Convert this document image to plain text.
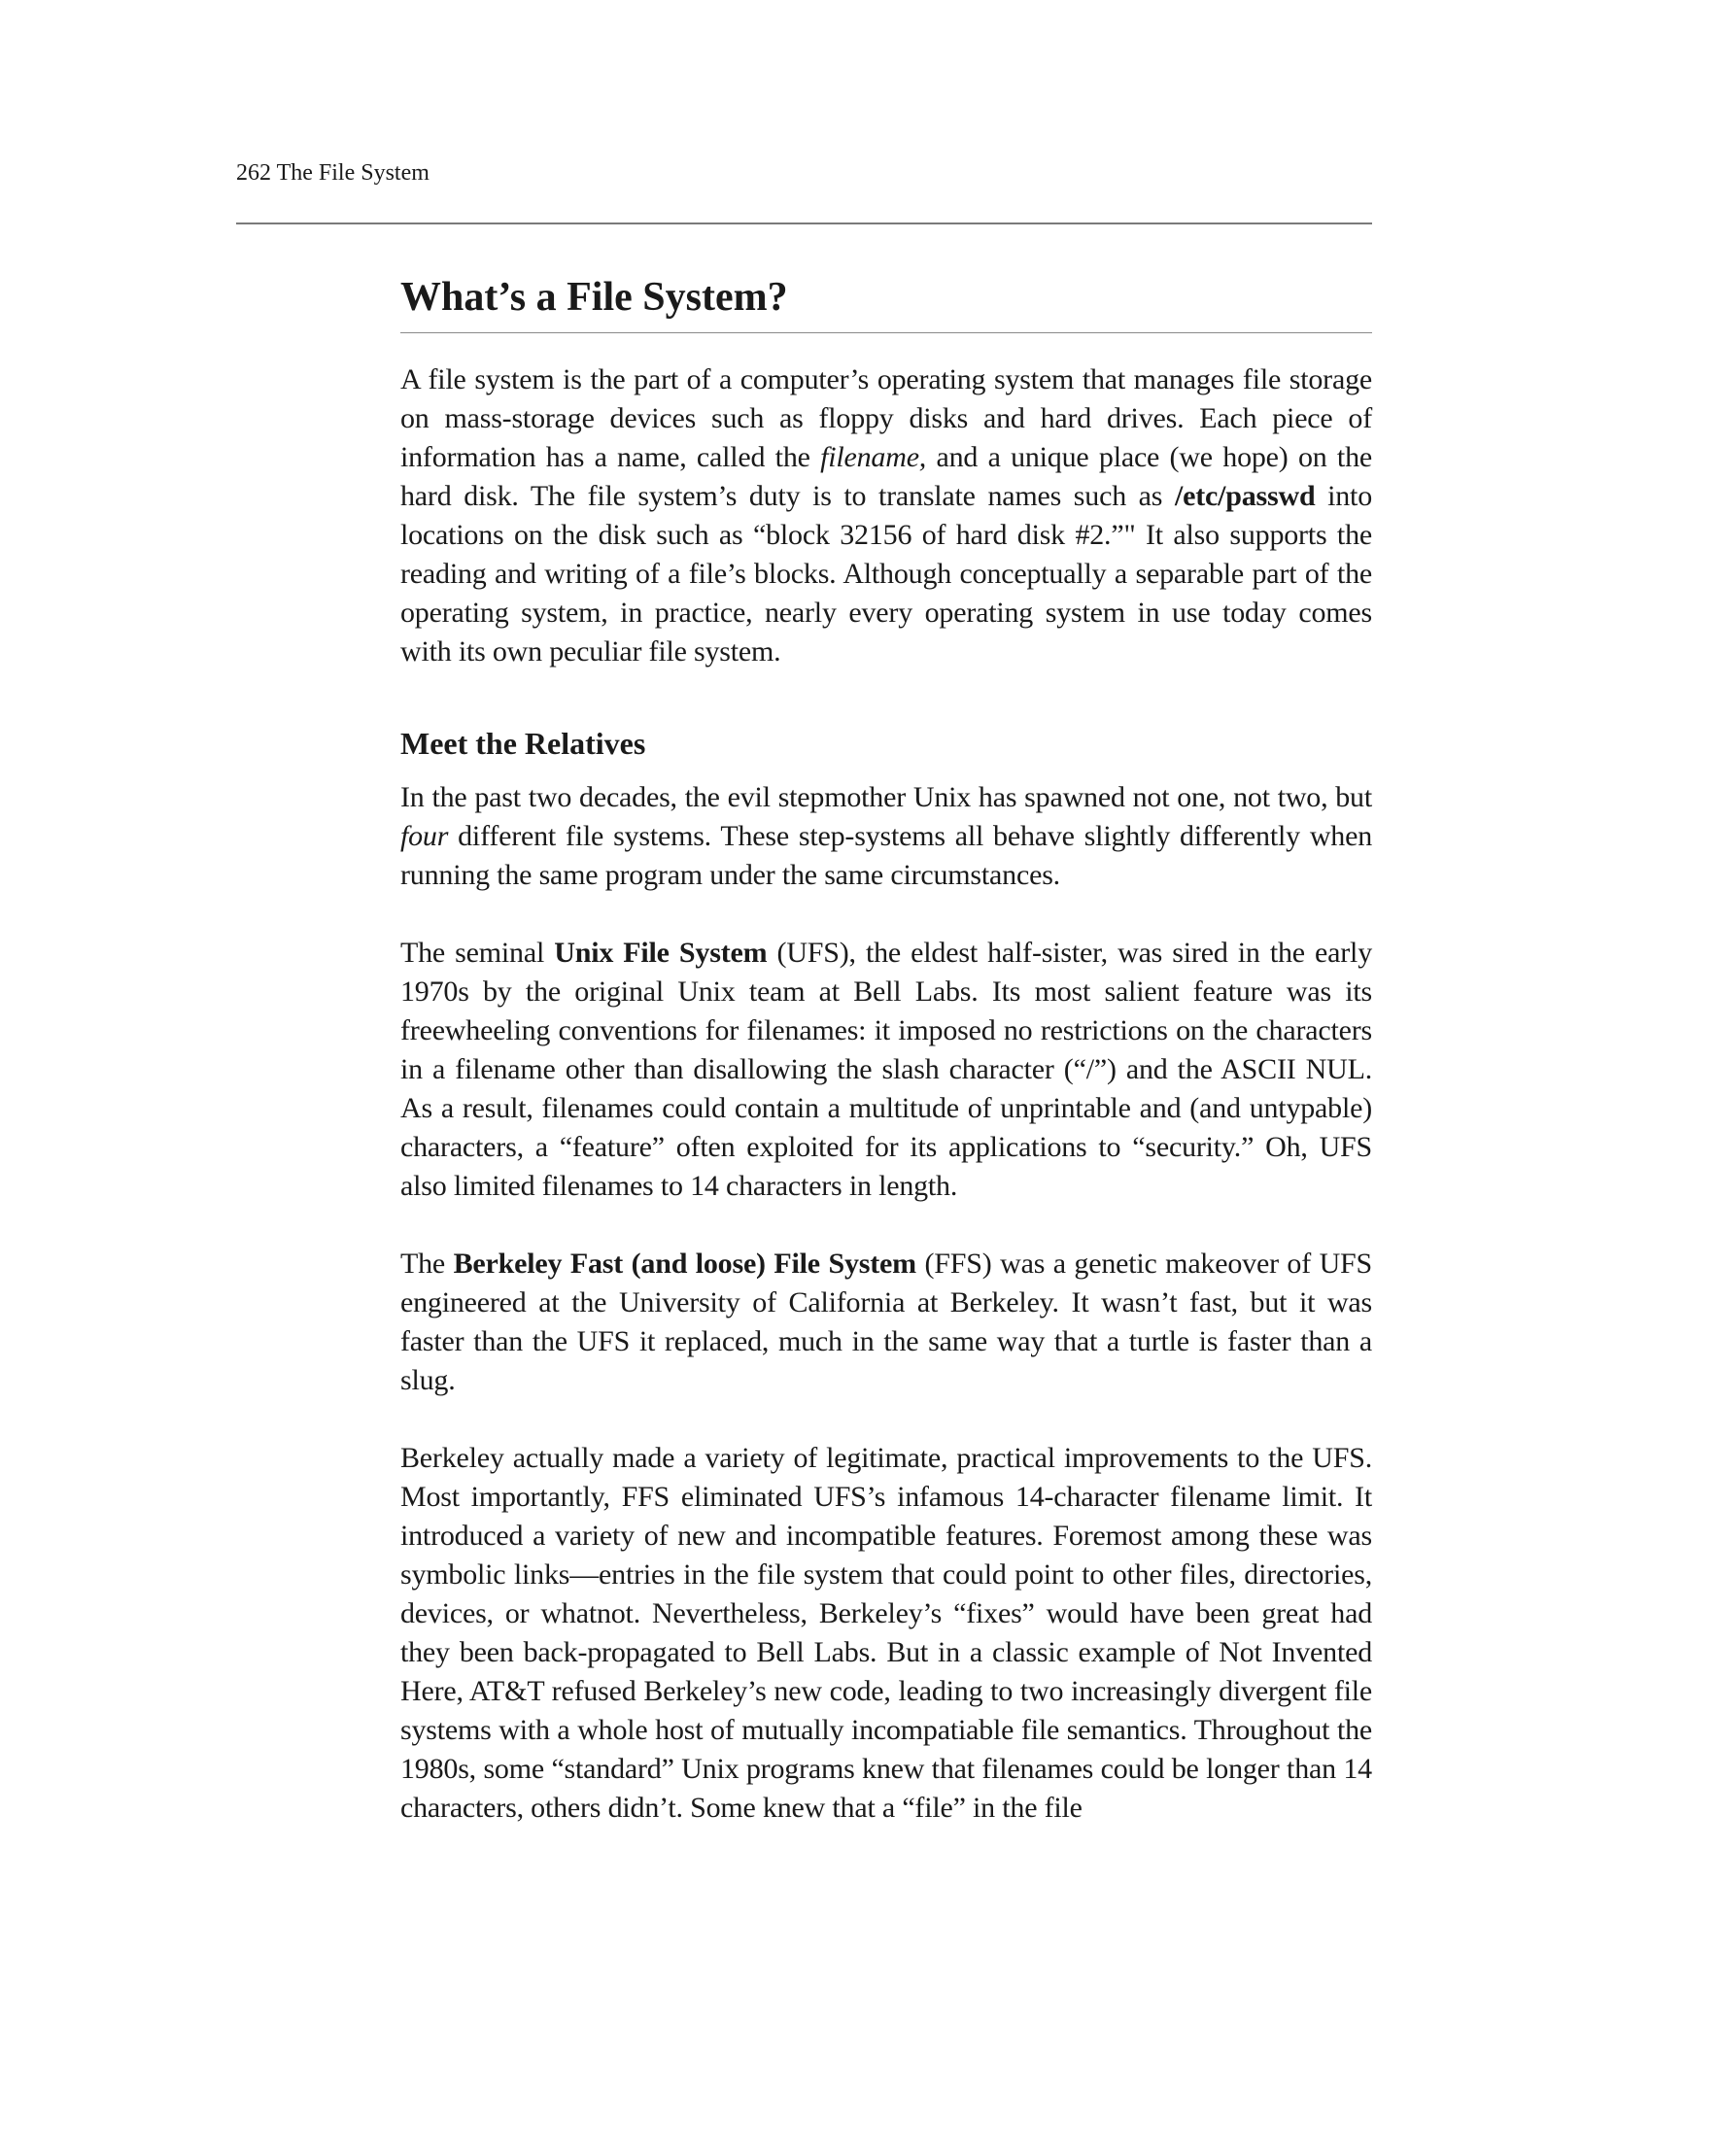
262 The File System
What’s a File System?

A file system is the part of a computer’s operating system that manages file storage on mass-storage devices such as floppy disks and hard drives. Each piece of information has a name, called the filename, and a unique place (we hope) on the hard disk. The file system’s duty is to translate names such as /etc/passwd into locations on the disk such as “block 32156 of hard disk #2.”" It also supports the reading and writing of a file’s blocks. Although conceptually a separable part of the operating system, in practice, nearly every operating system in use today comes with its own peculiar file system.

Meet the Relatives

In the past two decades, the evil stepmother Unix has spawned not one, not two, but four different file systems. These step-systems all behave slightly differently when running the same program under the same circumstances.

The seminal Unix File System (UFS), the eldest half-sister, was sired in the early 1970s by the original Unix team at Bell Labs. Its most salient feature was its freewheeling conventions for filenames: it imposed no restrictions on the characters in a filename other than disallowing the slash character (“/”) and the ASCII NUL. As a result, filenames could contain a multitude of unprintable and (and untypable) characters, a “feature” often exploited for its applications to “security.” Oh, UFS also limited filenames to 14 characters in length.

The Berkeley Fast (and loose) File System (FFS) was a genetic makeover of UFS engineered at the University of California at Berkeley. It wasn’t fast, but it was faster than the UFS it replaced, much in the same way that a turtle is faster than a slug.

Berkeley actually made a variety of legitimate, practical improvements to the UFS. Most importantly, FFS eliminated UFS’s infamous 14-character filename limit. It introduced a variety of new and incompatible features. Foremost among these was symbolic links—entries in the file system that could point to other files, directories, devices, or whatnot. Nevertheless, Berkeley’s “fixes” would have been great had they been back-propagated to Bell Labs. But in a classic example of Not Invented Here, AT&T refused Berkeley’s new code, leading to two increasingly divergent file systems with a whole host of mutually incompatiable file semantics. Throughout the 1980s, some “standard” Unix programs knew that filenames could be longer than 14 characters, others didn’t. Some knew that a “file” in the file
